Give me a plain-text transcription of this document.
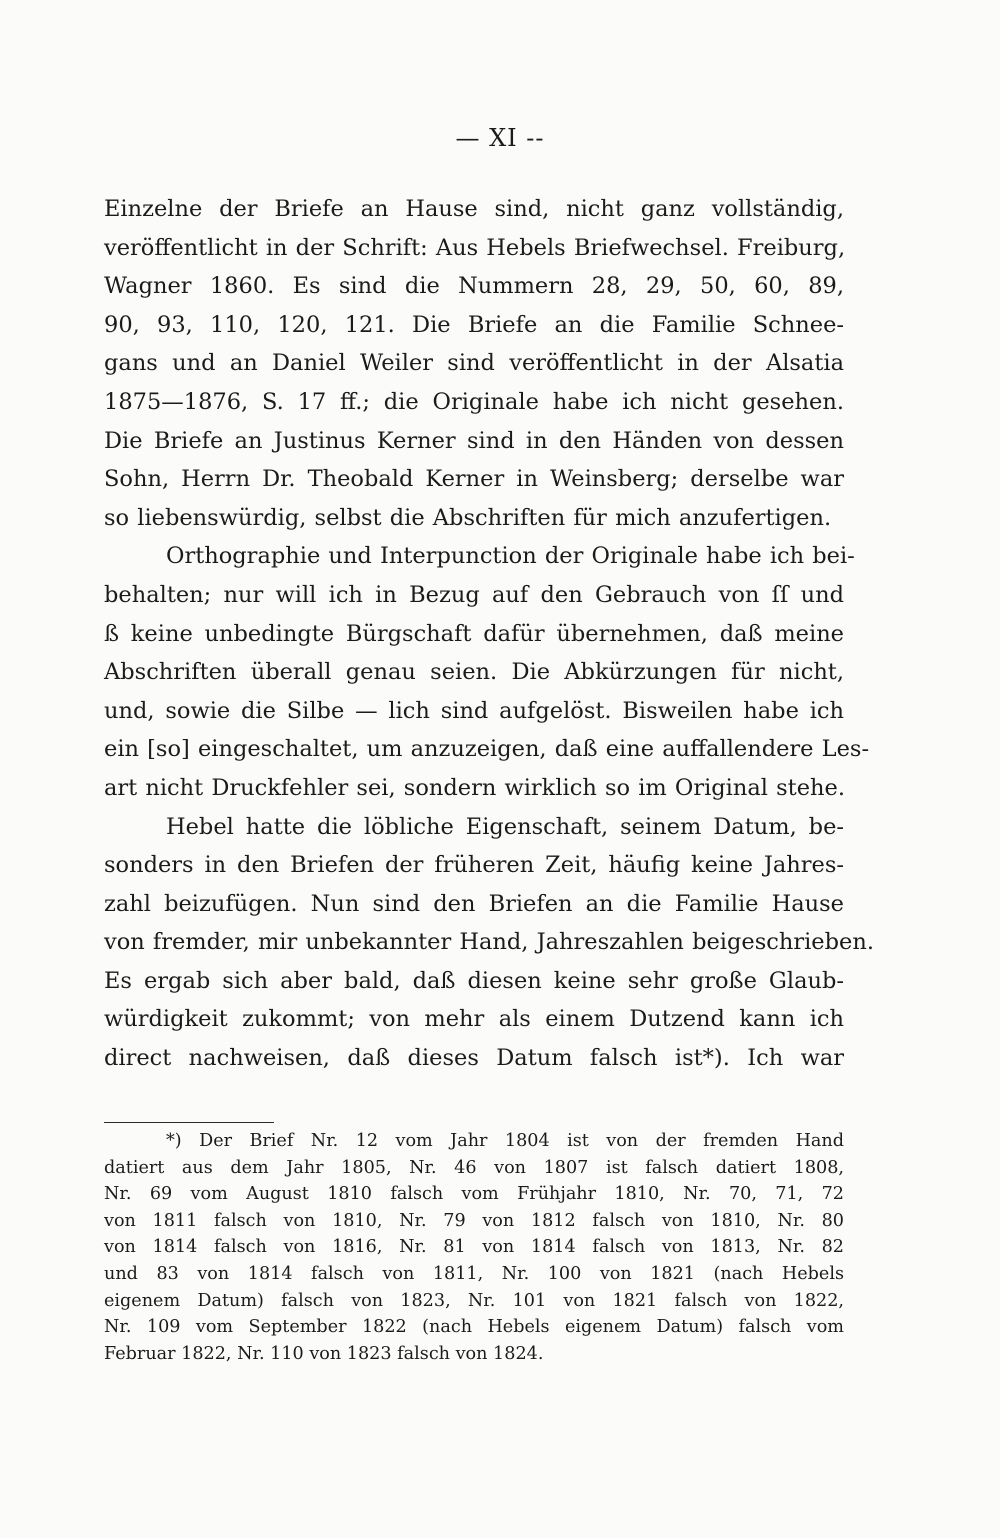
— XI --
Einzelne der Briefe an Hause sind, nicht ganz vollständig,
veröffentlicht in der Schrift: Aus Hebels Briefwechsel. Freiburg,
Wagner 1860. Es sind die Nummern 28, 29, 50, 60, 89,
90, 93, 110, 120, 121. Die Briefe an die Familie Schnee-
gans und an Daniel Weiler sind veröffentlicht in der Alsatia
1875—1876, S. 17 ff.; die Originale habe ich nicht gesehen.
Die Briefe an Justinus Kerner sind in den Händen von dessen
Sohn, Herrn Dr. Theobald Kerner in Weinsberg; derselbe war
so liebenswürdig, selbst die Abschriften für mich anzufertigen.
Orthographie und Interpunction der Originale habe ich bei-
behalten; nur will ich in Bezug auf den Gebrauch von ſſ und
ß keine unbedingte Bürgschaft dafür übernehmen, daß meine
Abschriften überall genau seien. Die Abkürzungen für nicht,
und, sowie die Silbe — lich sind aufgelöst. Bisweilen habe ich
ein [so] eingeschaltet, um anzuzeigen, daß eine auffallendere Les-
art nicht Druckfehler sei, sondern wirklich so im Original stehe.
Hebel hatte die löbliche Eigenschaft, seinem Datum, be-
sonders in den Briefen der früheren Zeit, häufig keine Jahres-
zahl beizufügen. Nun sind den Briefen an die Familie Hause
von fremder, mir unbekannter Hand, Jahreszahlen beigeschrieben.
Es ergab sich aber bald, daß diesen keine sehr große Glaub-
würdigkeit zukommt; von mehr als einem Dutzend kann ich
direct nachweisen, daß dieses Datum falsch ist*). Ich war
*) Der Brief Nr. 12 vom Jahr 1804 ist von der fremden Hand
datiert aus dem Jahr 1805, Nr. 46 von 1807 ist falsch datiert 1808,
Nr. 69 vom August 1810 falsch vom Frühjahr 1810, Nr. 70, 71, 72
von 1811 falsch von 1810, Nr. 79 von 1812 falsch von 1810, Nr. 80
von 1814 falsch von 1816, Nr. 81 von 1814 falsch von 1813, Nr. 82
und 83 von 1814 falsch von 1811, Nr. 100 von 1821 (nach Hebels
eigenem Datum) falsch von 1823, Nr. 101 von 1821 falsch von 1822,
Nr. 109 vom September 1822 (nach Hebels eigenem Datum) falsch vom
Februar 1822, Nr. 110 von 1823 falsch von 1824.
